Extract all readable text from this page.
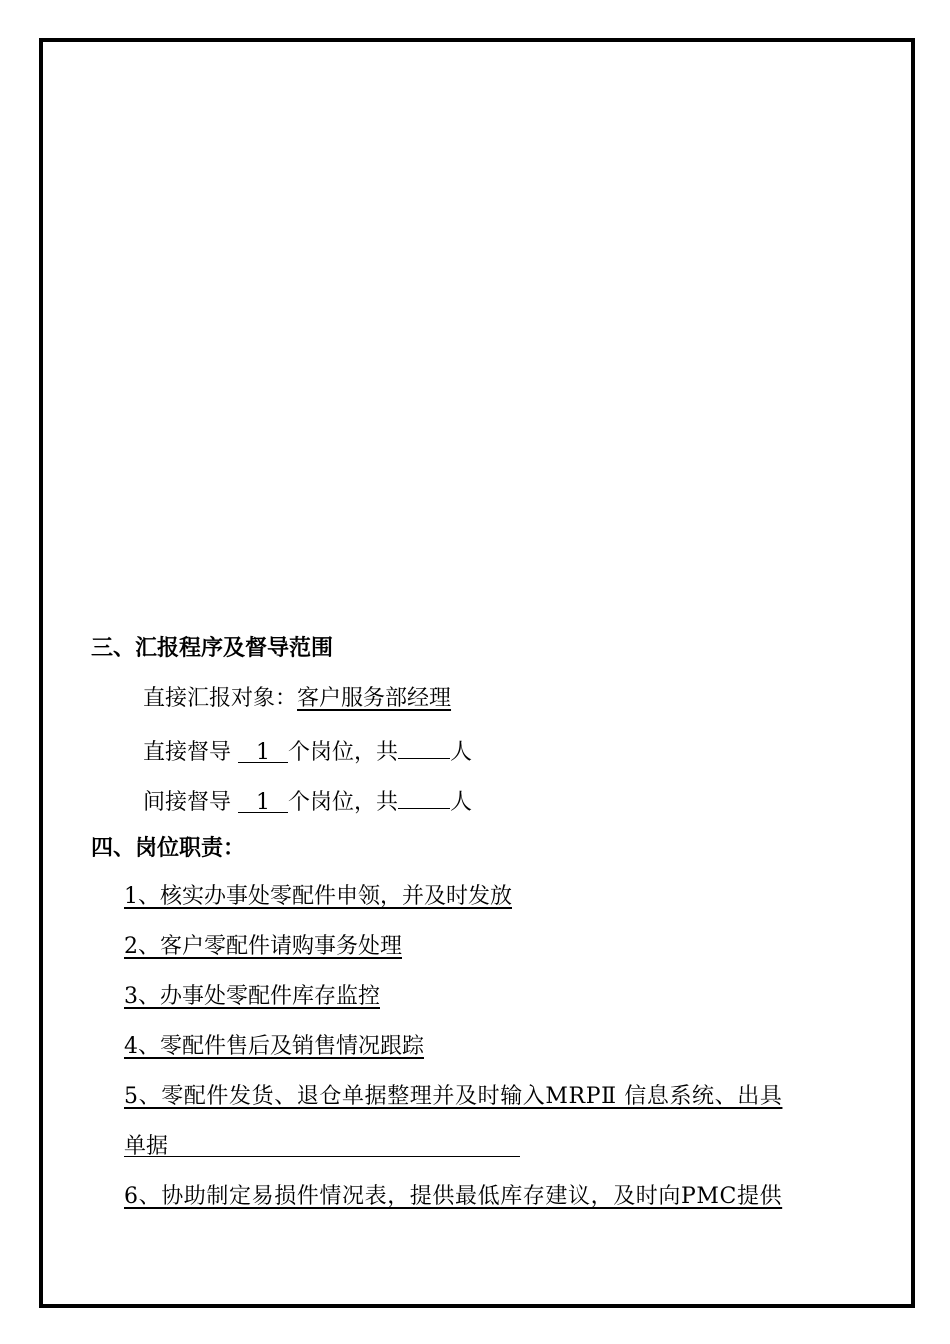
三、汇报程序及督导范围
直接汇报对象：客户服务部经理
直接督导 1 个岗位，共 人
间接督导 1 个岗位，共 人
四、岗位职责：
1、核实办事处零配件申领，并及时发放
2、客户零配件请购事务处理
3、办事处零配件库存监控
4、零配件售后及销售情况跟踪
5、零配件发货、退仓单据整理并及时输入MRPⅡ 信息系统、出具
单据
6、协助制定易损件情况表，提供最低库存建议，及时向PMC提供
